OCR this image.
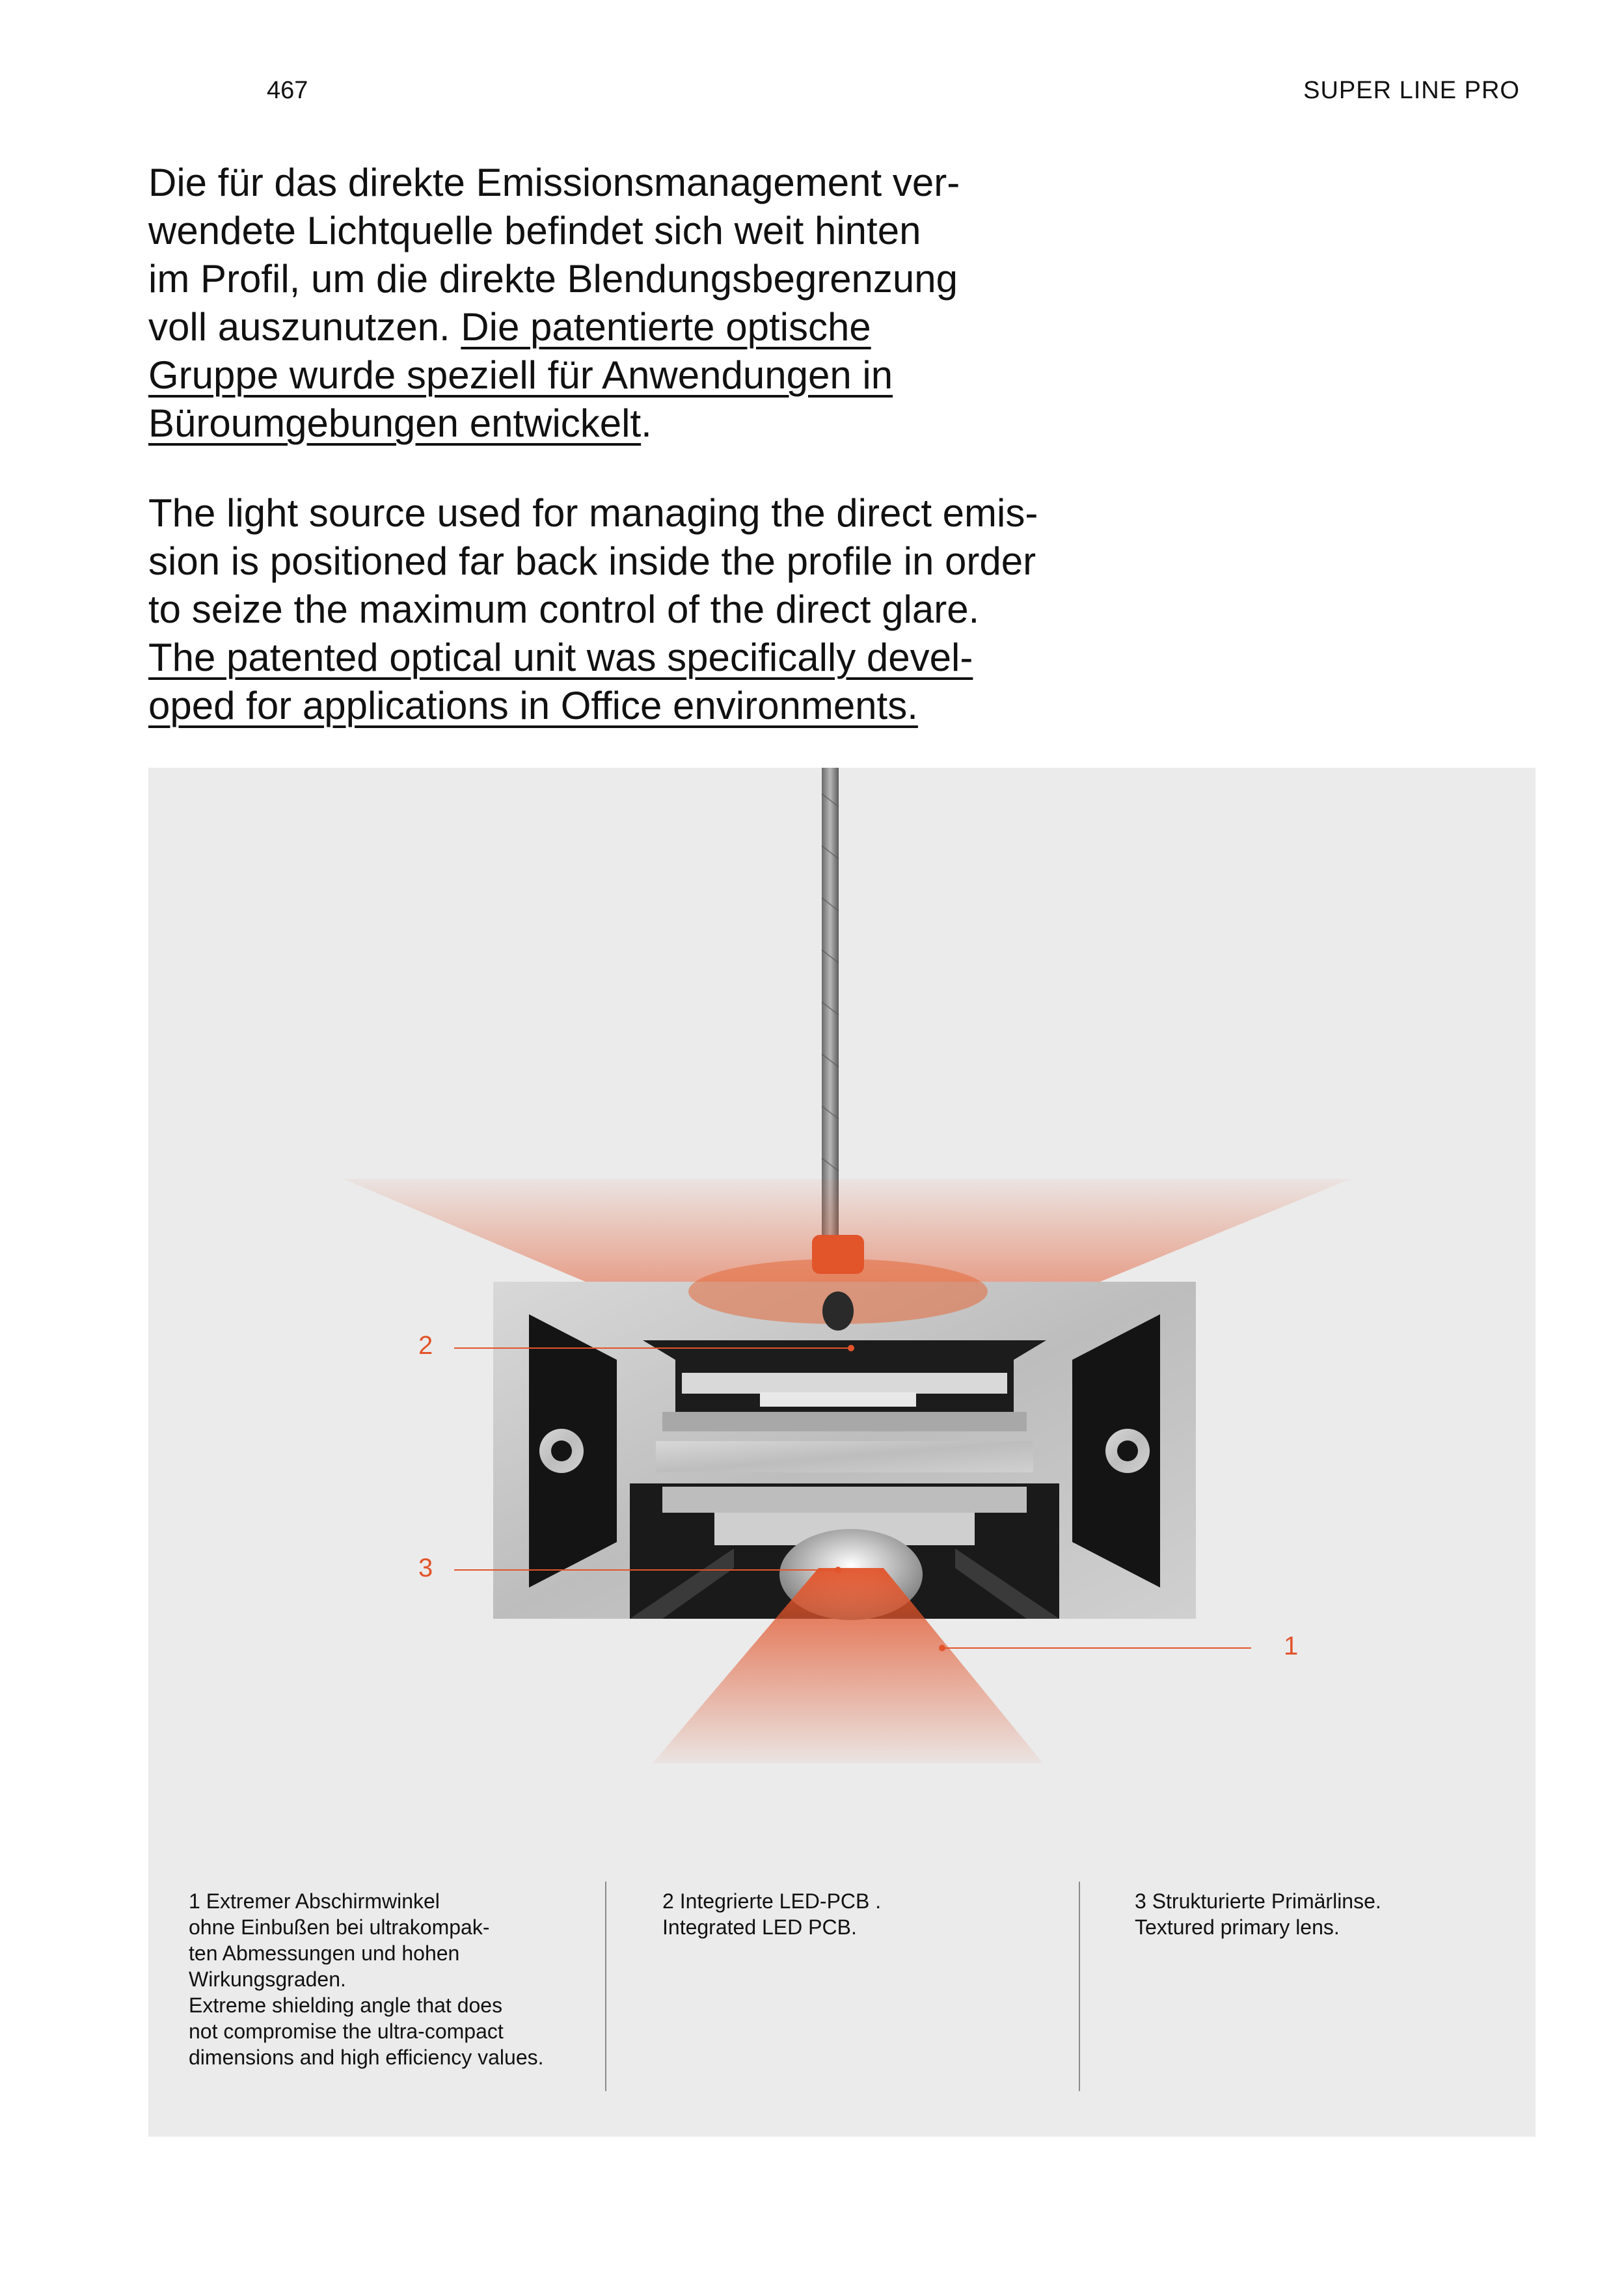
467	SUPER LINE PRO
Die für das direkte Emissionsmanagement ver-
wendete Lichtquelle befindet sich weit hinten
im Profil, um die direkte Blendungsbegrenzung
voll auszunutzen. Die patentierte optische
Gruppe wurde speziell für Anwendungen in
Büroumgebungen entwickelt.
The light source used for managing the direct emis-
sion is positioned far back inside the profile in order
to seize the maximum control of the direct glare.
The patented optical unit was specifically devel-
oped for applications in Office environments.
2
3
1
1 Extremer Abschirmwinkel
ohne Einbußen bei ultrakompak-
ten Abmessungen und hohen
Wirkungsgraden.
Extreme shielding angle that does
not compromise the ultra-compact
dimensions and high efficiency values.
2 Integrierte LED-PCB .
Integrated LED PCB.
3 Strukturierte Primärlinse.
Textured primary lens.
